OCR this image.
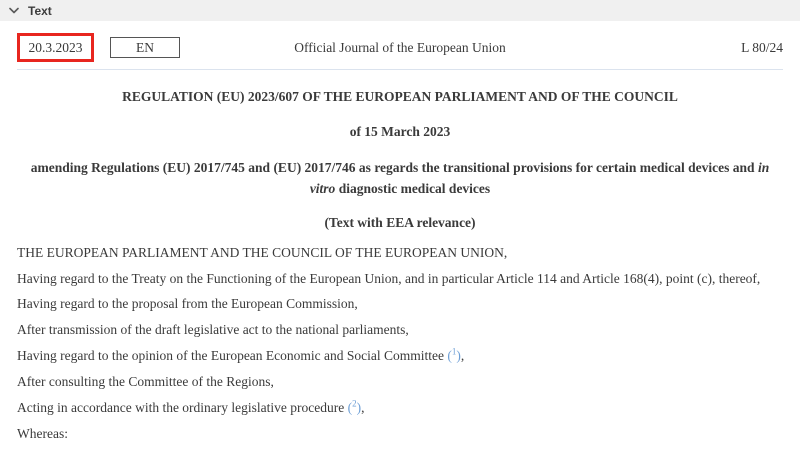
Text
20.3.2023	EN	Official Journal of the European Union	L 80/24

REGULATION (EU) 2023/607 OF THE EUROPEAN PARLIAMENT AND OF THE COUNCIL

of 15 March 2023

amending Regulations (EU) 2017/745 and (EU) 2017/746 as regards the transitional provisions for certain medical devices and in vitro diagnostic medical devices

(Text with EEA relevance)

THE EUROPEAN PARLIAMENT AND THE COUNCIL OF THE EUROPEAN UNION,

Having regard to the Treaty on the Functioning of the European Union, and in particular Article 114 and Article 168(4), point (c), thereof,

Having regard to the proposal from the European Commission,

After transmission of the draft legislative act to the national parliaments,

Having regard to the opinion of the European Economic and Social Committee ($^1$),

After consulting the Committee of the Regions,

Acting in accordance with the ordinary legislative procedure ($^2$),

Whereas:
